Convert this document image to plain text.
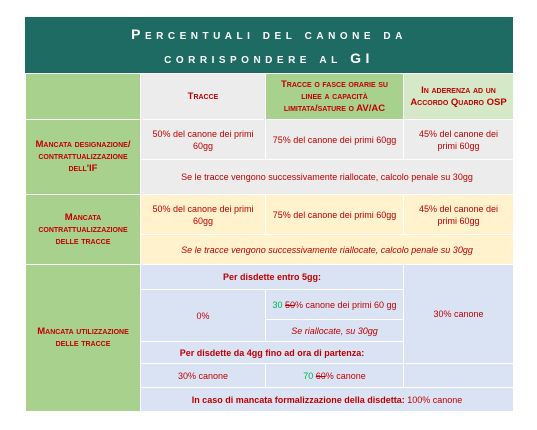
Percentuali del canone da
corrispondere al GI
	Tracce	Tracce o fasce orarie su linee a capacità limitata/sature o AV/AC	In aderenza ad un Accordo Quadro OSP
Mancata designazione/ contrattualizzazione dell'IF	50% del canone dei primi 60gg	75% del canone dei primi 60gg	45% del canone dei primi 60gg
	Se le tracce vengono successivamente riallocate, calcolo penale su 30gg		
Mancata contrattualizzazione delle tracce	50% del canone dei primi 60gg	75% del canone dei primi 60gg	45% del canone dei primi 60gg
	Se le tracce vengono successivamente riallocate, calcolo penale su 30gg		
Mancata utilizzazione delle tracce	Per disdette entro 5gg:		30% canone
	0%	30 50% canone dei primi 60 gg	
		Se riallocate, su 30gg	
	Per disdette da 4gg fino ad ora di partenza:		
	30% canone	70 60% canone	
	In caso di mancata formalizzazione della disdetta: 100% canone		
